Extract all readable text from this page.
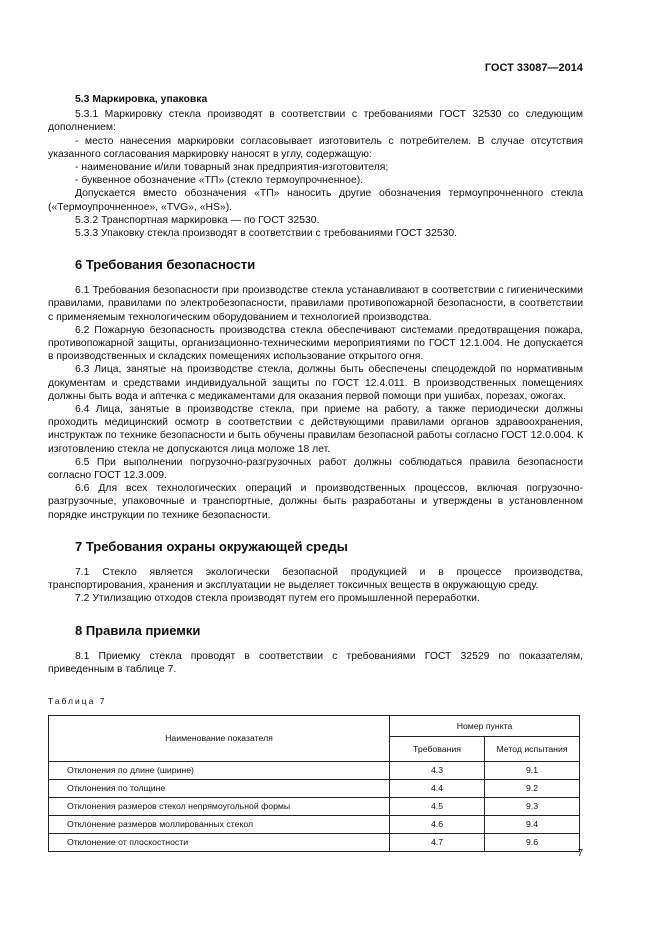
ГОСТ 33087—2014

5.3 Маркировка, упаковка

5.3.1 Маркировку стекла производят в соответствии с требованиями ГОСТ 32530 со следующим дополнением:

- место нанесения маркировки согласовывает изготовитель с потребителем. В случае отсутствия указанного согласования маркировку наносят в углу, содержащую:

- наименование и/или товарный знак предприятия-изготовителя;

- буквенное обозначение «ТП» (стекло термоупрочненное).

Допускается вместо обозначения «ТП» наносить другие обозначения термоупрочненного стекла («Термоупрочненное», «TVG», «HS»).

5.3.2 Транспортная маркировка — по ГОСТ 32530.

5.3.3 Упаковку стекла производят в соответствии с требованиями ГОСТ 32530.

6 Требования безопасности

6.1 Требования безопасности при производстве стекла устанавливают в соответствии с гигиеническими правилами, правилами по электробезопасности, правилами противопожарной безопасности, в соответствии с применяемым технологическим оборудованием и технологией производства.

6.2 Пожарную безопасность производства стекла обеспечивают системами предотвращения пожара, противопожарной защиты, организационно-техническими мероприятиями по ГОСТ 12.1.004. Не допускается в производственных и складских помещениях использование открытого огня.

6.3 Лица, занятые на производстве стекла, должны быть обеспечены спецодеждой по нормативным документам и средствами индивидуальной защиты по ГОСТ 12.4.011. В производственных помещениях должны быть вода и аптечка с медикаментами для оказания первой помощи при ушибах, порезах, ожогах.

6.4 Лица, занятые в производстве стекла, при приеме на работу, а также периодически должны проходить медицинский осмотр в соответствии с действующими правилами органов здравоохранения, инструктаж по технике безопасности и быть обучены правилам безопасной работы согласно ГОСТ 12.0.004. К изготовлению стекла не допускаются лица моложе 18 лет.

6.5 При выполнении погрузочно-разгрузочных работ должны соблюдаться правила безопасности согласно ГОСТ 12.3.009.

6.6 Для всех технологических операций и производственных процессов, включая погрузочно-разгрузочные, упаковочные и транспортные, должны быть разработаны и утверждены в установленном порядке инструкции по технике безопасности.

7 Требования охраны окружающей среды

7.1 Стекло является экологически безопасной продукцией и в процессе производства, транспортирования, хранения и эксплуатации не выделяет токсичных веществ в окружающую среду.

7.2 Утилизацию отходов стекла производят путем его промышленной переработки.

8 Правила приемки

8.1 Приемку стекла проводят в соответствии с требованиями ГОСТ 32529 по показателям, приведенным в таблице 7.

Таблица 7

Наименование показателя	Номер пункта	
	Требования	Метод испытания
Отклонения по длине (ширине)	4.3	9.1
Отклонения по толщине	4.4	9.2
Отклонения размеров стекол непрямоугольной формы	4.5	9.3
Отклонение размеров моллированных стекол	4.6	9.4
Отклонение от плоскостности	4.7	9.6
7
